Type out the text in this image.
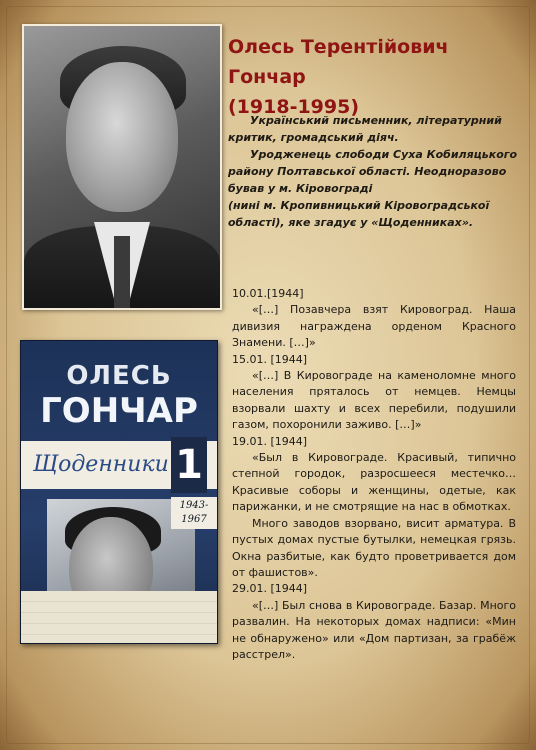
Олесь Терентійович
Гончар
(1918-1995)

Український письменник, літературний

критик, громадський діяч.

Уродженець слободи Суха Кобиляцького

району Полтавської області. Неодноразово

бував у м. Кіровограді

(нині м. Кропивницький Кіровоградської

області), яке згадує у «Щоденниках».

ОЛЕСЬ
ГОНЧАР
Щоденники 1
1943-1967

10.01.[1944]

«[…] Позавчера взят Кировоград. Наша дивизия награждена орденом Красного Знамени. […]»

15.01. [1944]

«[…] В Кировограде на каменоломне много населения пряталось от немцев. Немцы взорвали шахту и всех перебили, подушили газом, похоронили заживо. […]»

19.01. [1944]

«Был в Кировограде. Красивый, типично степной городок, разросшееся местечко… Красивые соборы и женщины, одетые, как парижанки, и не смотрящие на нас в обмотках.

Много заводов взорвано, висит арматура. В пустых домах пустые бутылки, немецкая грязь. Окна разбитые, как будто проветривается дом от фашистов».

29.01. [1944]

«[…] Был снова в Кировограде. Базар. Много развалин. На некоторых домах надписи: «Мин не обнаружено» или «Дом партизан, за грабёж расстрел».
